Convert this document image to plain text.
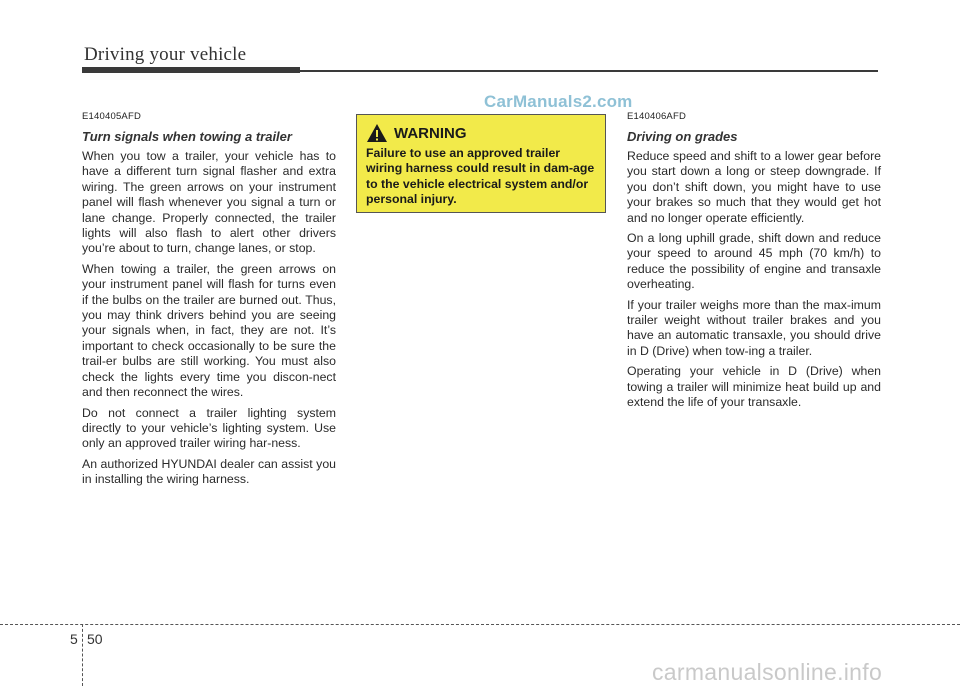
Driving your vehicle
CarManuals2.com
E140405AFD
Turn signals when towing a trailer

When you tow a trailer, your vehicle has to have a different turn signal flasher and extra wiring. The green arrows on your instrument panel will flash whenever you signal a turn or lane change. Properly connected, the trailer lights will also flash to alert other drivers you’re about to turn, change lanes, or stop.

When towing a trailer, the green arrows on your instrument panel will flash for turns even if the bulbs on the trailer are burned out. Thus, you may think drivers behind you are seeing your signals when, in fact, they are not. It’s important to check occasionally to be sure the trail-er bulbs are still working. You must also check the lights every time you discon-nect and then reconnect the wires.

Do not connect a trailer lighting system directly to your vehicle’s lighting system. Use only an approved trailer wiring har-ness.

An authorized HYUNDAI dealer can assist you in installing the wiring harness.

WARNING
Failure to use an approved trailer wiring harness could result in dam-age to the vehicle electrical system and/or personal injury.
E140406AFD
Driving on grades

Reduce speed and shift to a lower gear before you start down a long or steep downgrade. If you don’t shift down, you might have to use your brakes so much that they would get hot and no longer operate efficiently.

On a long uphill grade, shift down and reduce your speed to around 45 mph (70 km/h) to reduce the possibility of engine and transaxle overheating.

If your trailer weighs more than the max-imum trailer weight without trailer brakes and you have an automatic transaxle, you should drive in D (Drive) when tow-ing a trailer.

Operating your vehicle in D (Drive) when towing a trailer will minimize heat build up and extend the life of your transaxle.

5 50
carmanualsonline.info
